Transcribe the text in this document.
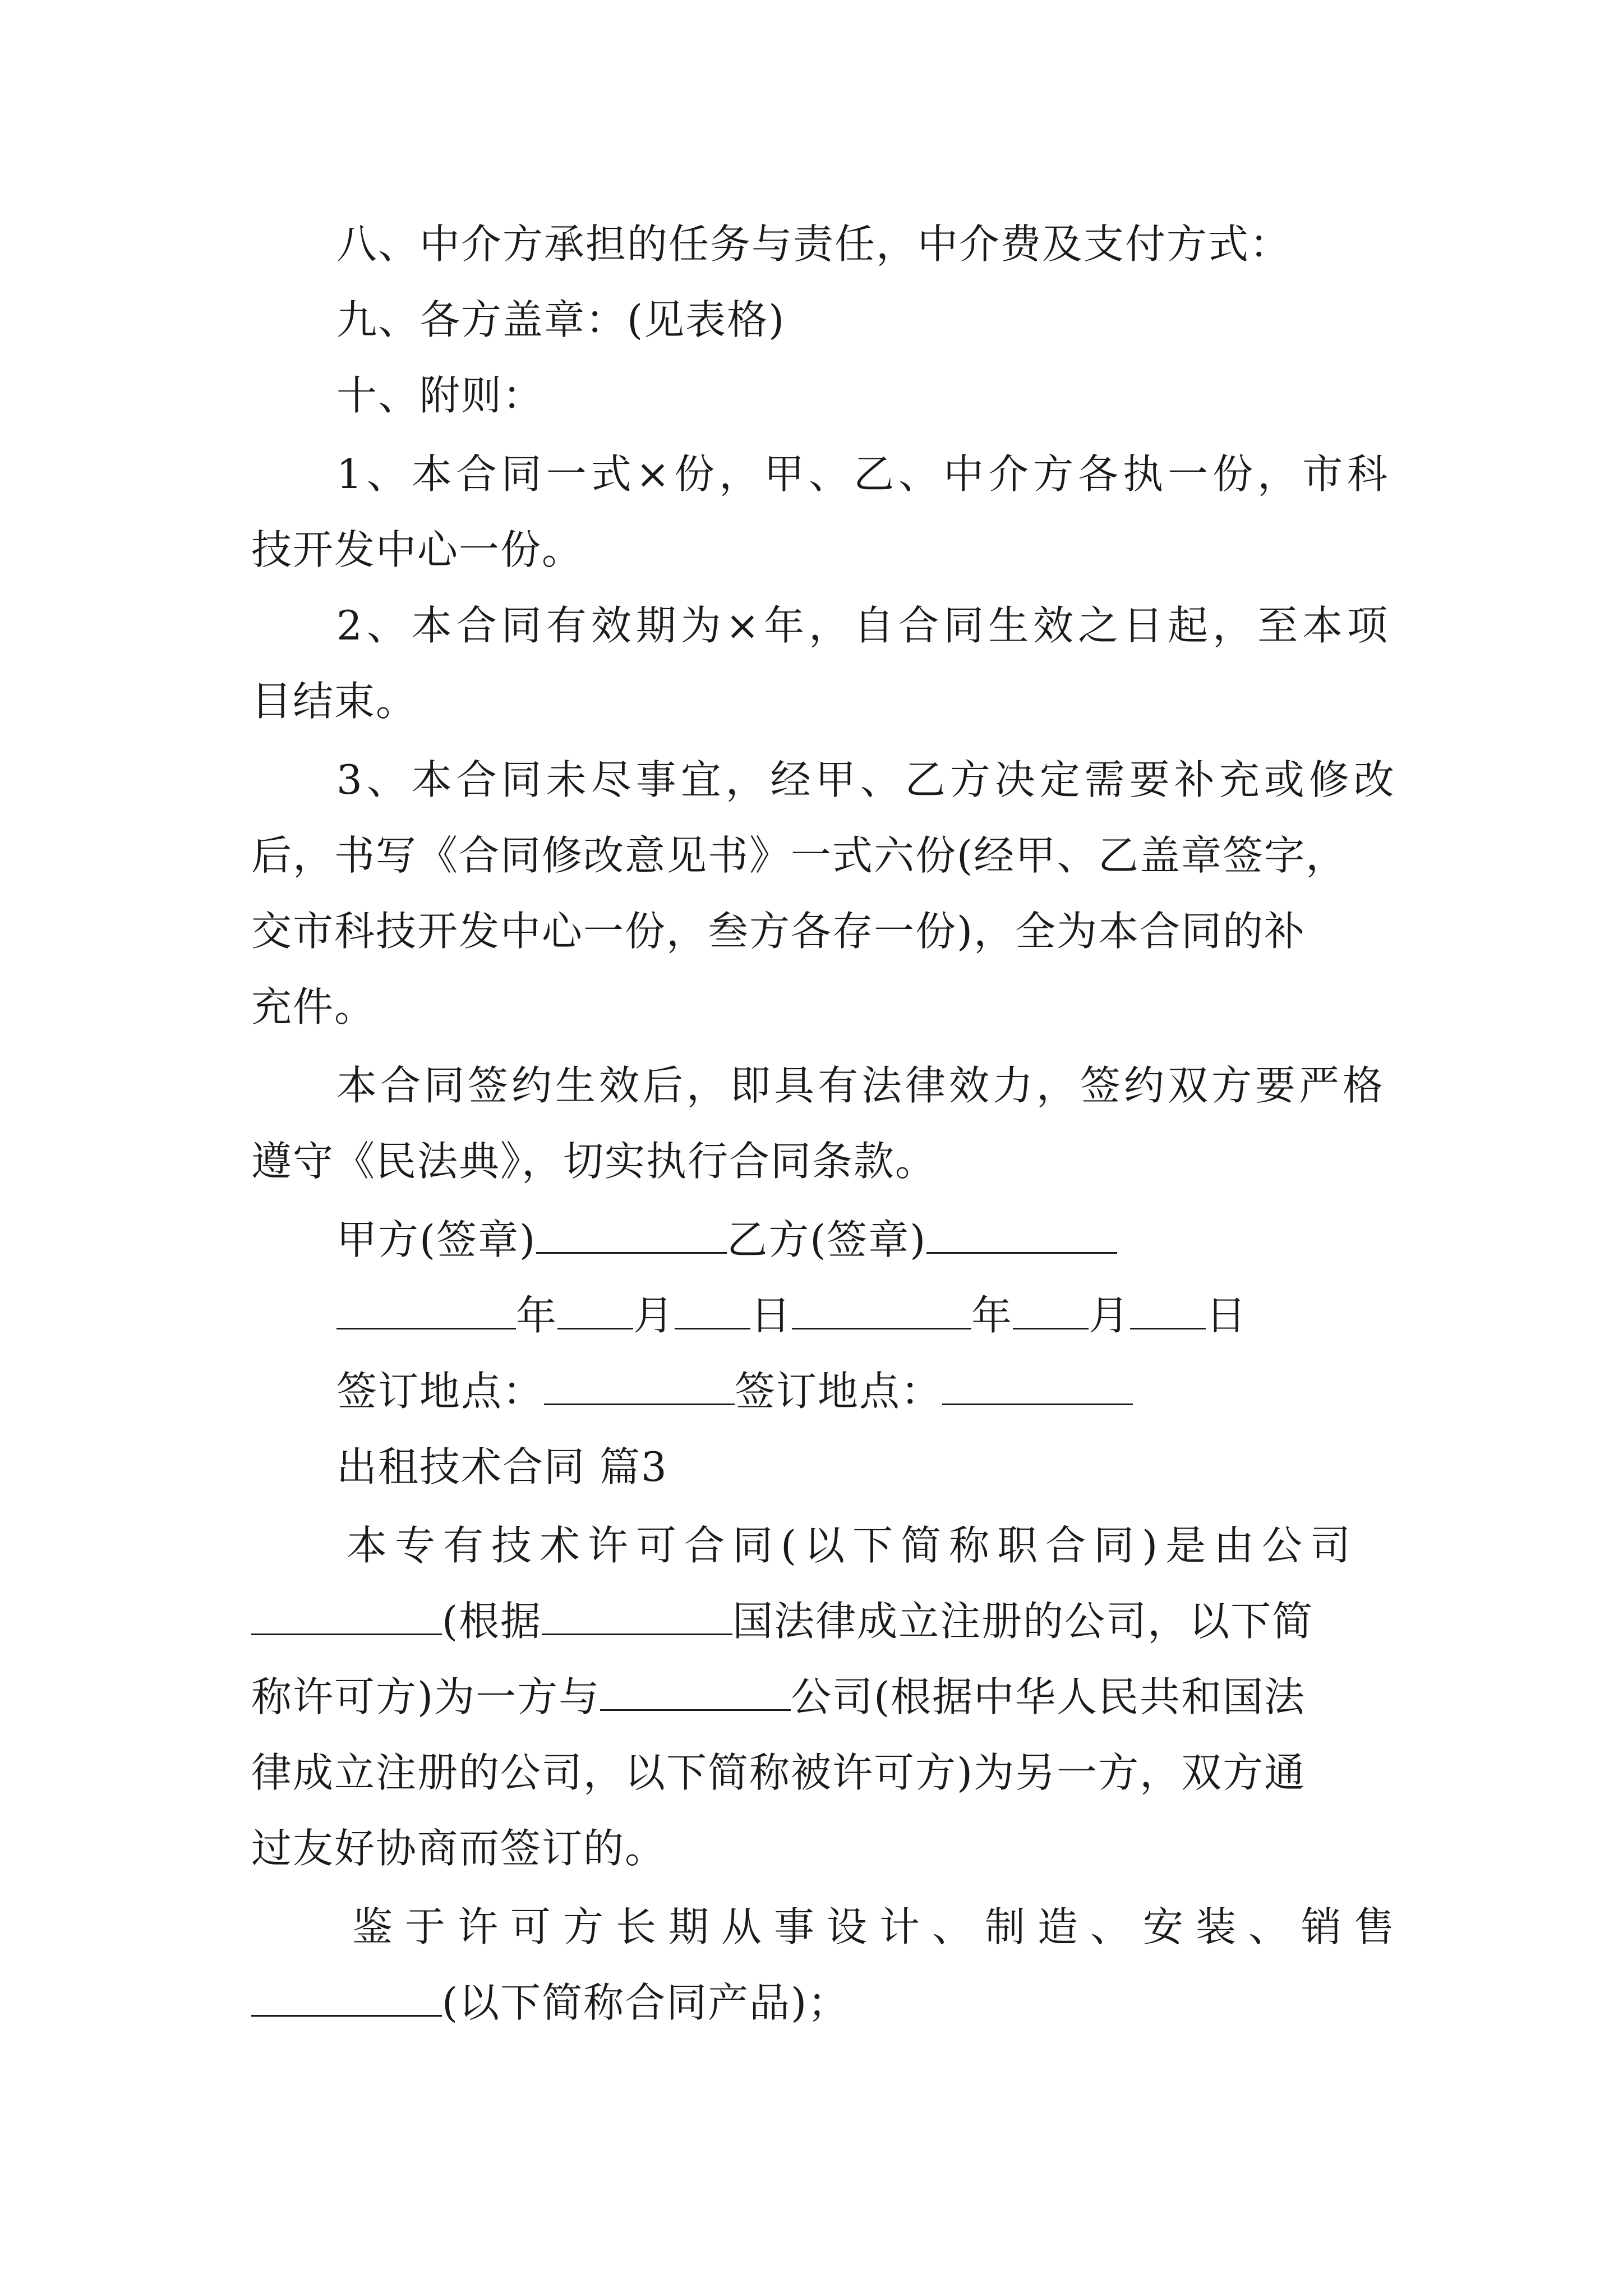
八、中介方承担的任务与责任，中介费及支付方式：
九、各方盖章：(见表格)
十、附则：
1、本合同一式×份，甲、乙、中介方各执一份，市科
技开发中心一份。
2、本合同有效期为×年，自合同生效之日起，至本项
目结束。
3、本合同未尽事宜，经甲、乙方决定需要补充或修改
后，书写《合同修改意见书》一式六份(经甲、乙盖章签字，
交市科技开发中心一份，叁方各存一份)，全为本合同的补
充件。
本合同签约生效后，即具有法律效力，签约双方要严格
遵守《民法典》，切实执行合同条款。
甲方(签章)	乙方(签章)
年 月 日	年 月 日
签订地点：	签订地点：
出租技术合同 篇3
本专有技术许可合同(以下简称职合同)是由公司
(根据	国法律成立注册的公司，以下简
称许可方)为一方与	公司(根据中华人民共和国法
律成立注册的公司，以下简称被许可方)为另一方，双方通
过友好协商而签订的。
鉴于许可方长期从事设计、制造、安装、销售
(以下简称合同产品)；
